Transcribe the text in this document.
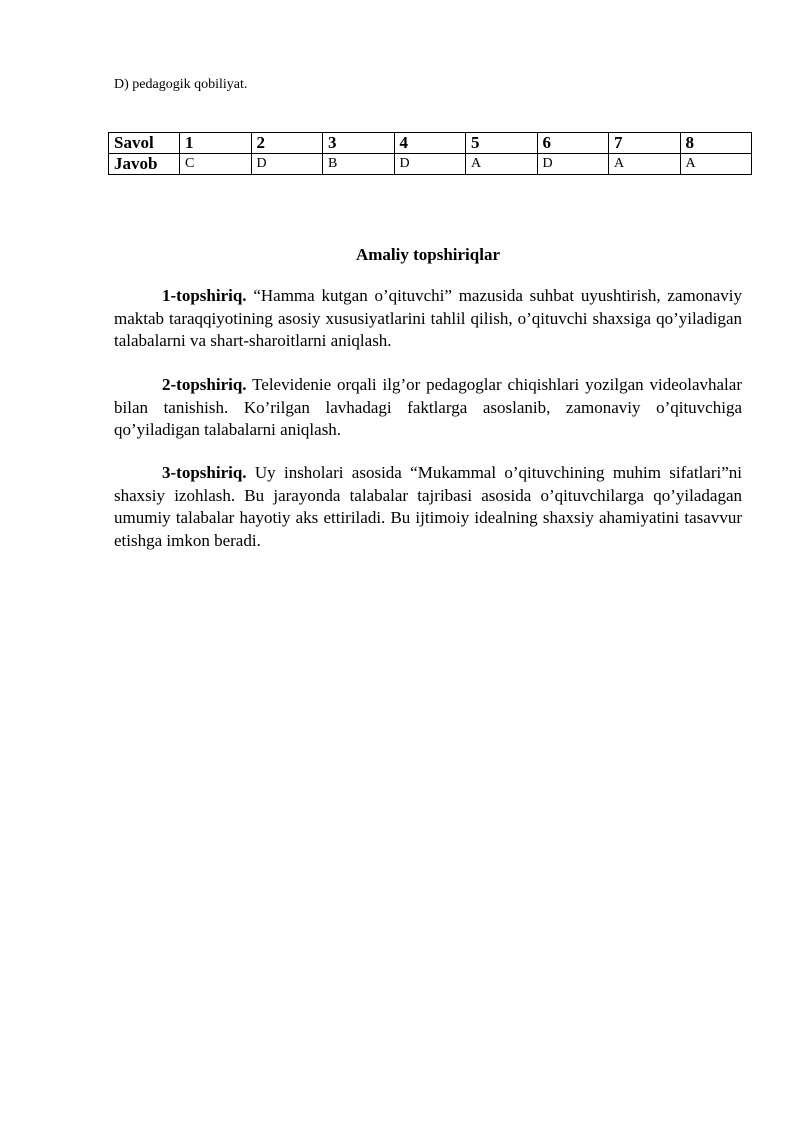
D) pedagogik qobiliyat.

Savol	1	2	3	4	5	6	7	8
Javob	C	D	B	D	A	D	A	A
Amaliy topshiriqlar

1-topshiriq. “Hamma kutgan o’qituvchi” mazusida suhbat uyushtirish, zamonaviy maktab taraqqiyotining asosiy xususiyatlarini tahlil qilish, o’qituvchi shaxsiga qo’yiladigan talabalarni va shart-sharoitlarni aniqlash.

2-topshiriq. Televidenie orqali ilg’or pedagoglar chiqishlari yozilgan videolavhalar bilan tanishish. Ko’rilgan lavhadagi faktlarga asoslanib, zamonaviy o’qituvchiga qo’yiladigan talabalarni aniqlash.

3-topshiriq. Uy insholari asosida “Mukammal o’qituvchining muhim sifatlari”ni shaxsiy izohlash. Bu jarayonda talabalar tajribasi asosida o’qituvchilarga qo’yiladagan umumiy talabalar hayotiy aks ettiriladi. Bu ijtimoiy idealning shaxsiy ahamiyatini tasavvur etishga imkon beradi.
